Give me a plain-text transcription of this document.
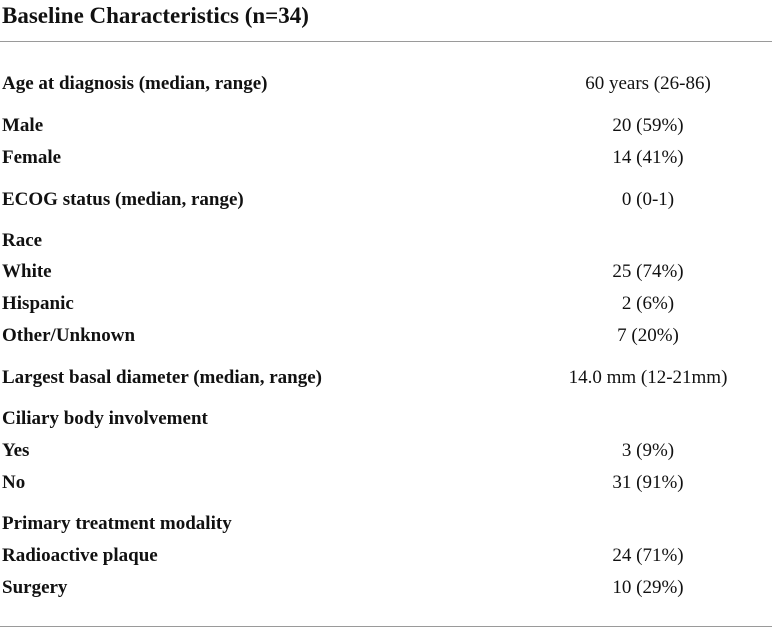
Baseline Characteristics (n=34)
Age at diagnosis (median, range)	60 years (26-86)
Male	20 (59%)
Female	14 (41%)
ECOG status (median, range)	0 (0-1)
Race
White	25 (74%)
Hispanic	2 (6%)
Other/Unknown	7 (20%)
Largest basal diameter (median, range)	14.0 mm (12-21mm)
Ciliary body involvement
Yes	3 (9%)
No	31 (91%)
Primary treatment modality
Radioactive plaque	24 (71%)
Surgery	10 (29%)
